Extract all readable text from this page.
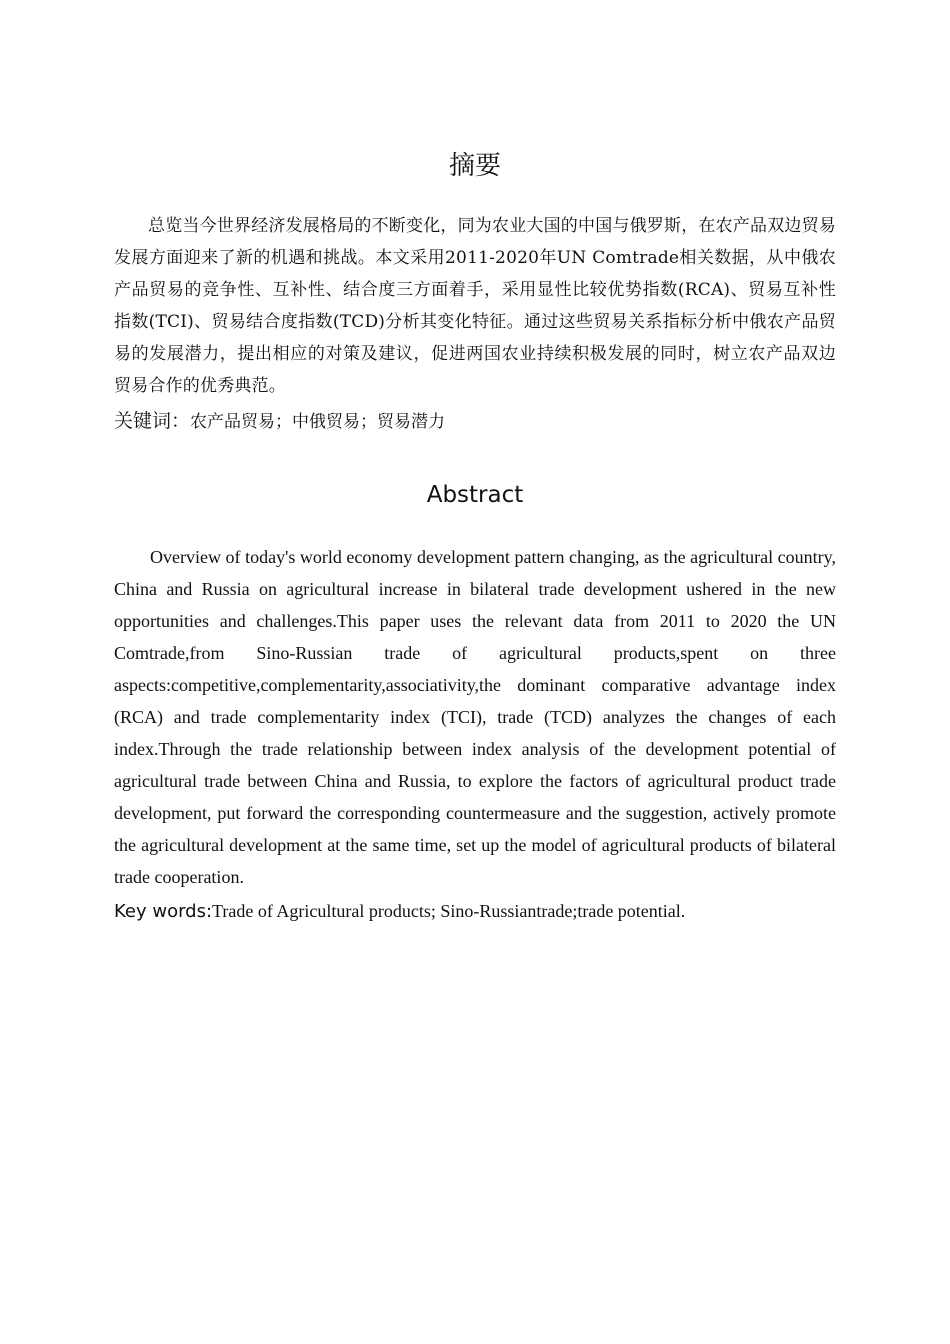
摘要

总览当今世界经济发展格局的不断变化，同为农业大国的中国与俄罗斯，在农产品双边贸易发展方面迎来了新的机遇和挑战。本文采用2011-2020年UN Comtrade相关数据，从中俄农产品贸易的竞争性、互补性、结合度三方面着手，采用显性比较优势指数(RCA)、贸易互补性指数(TCI)、贸易结合度指数(TCD)分析其变化特征。通过这些贸易关系指标分析中俄农产品贸易的发展潜力，提出相应的对策及建议，促进两国农业持续积极发展的同时，树立农产品双边贸易合作的优秀典范。

关键词：农产品贸易；中俄贸易；贸易潜力

Abstract

Overview of today's world economy development pattern changing, as the agricultural country, China and Russia on agricultural increase in bilateral trade development ushered in the new opportunities and challenges.This paper uses the relevant data from 2011 to 2020 the UN Comtrade,from Sino-Russian trade of agricultural products,spent on three aspects:competitive,complementarity,associativity,the dominant comparative advantage index (RCA) and trade complementarity index (TCI), trade (TCD) analyzes the changes of each index.Through the trade relationship between index analysis of the development potential of agricultural trade between China and Russia, to explore the factors of agricultural product trade development, put forward the corresponding countermeasure and the suggestion, actively promote the agricultural development at the same time, set up the model of agricultural products of bilateral trade cooperation.

Key words:Trade of Agricultural products; Sino-Russiantrade;trade potential.
